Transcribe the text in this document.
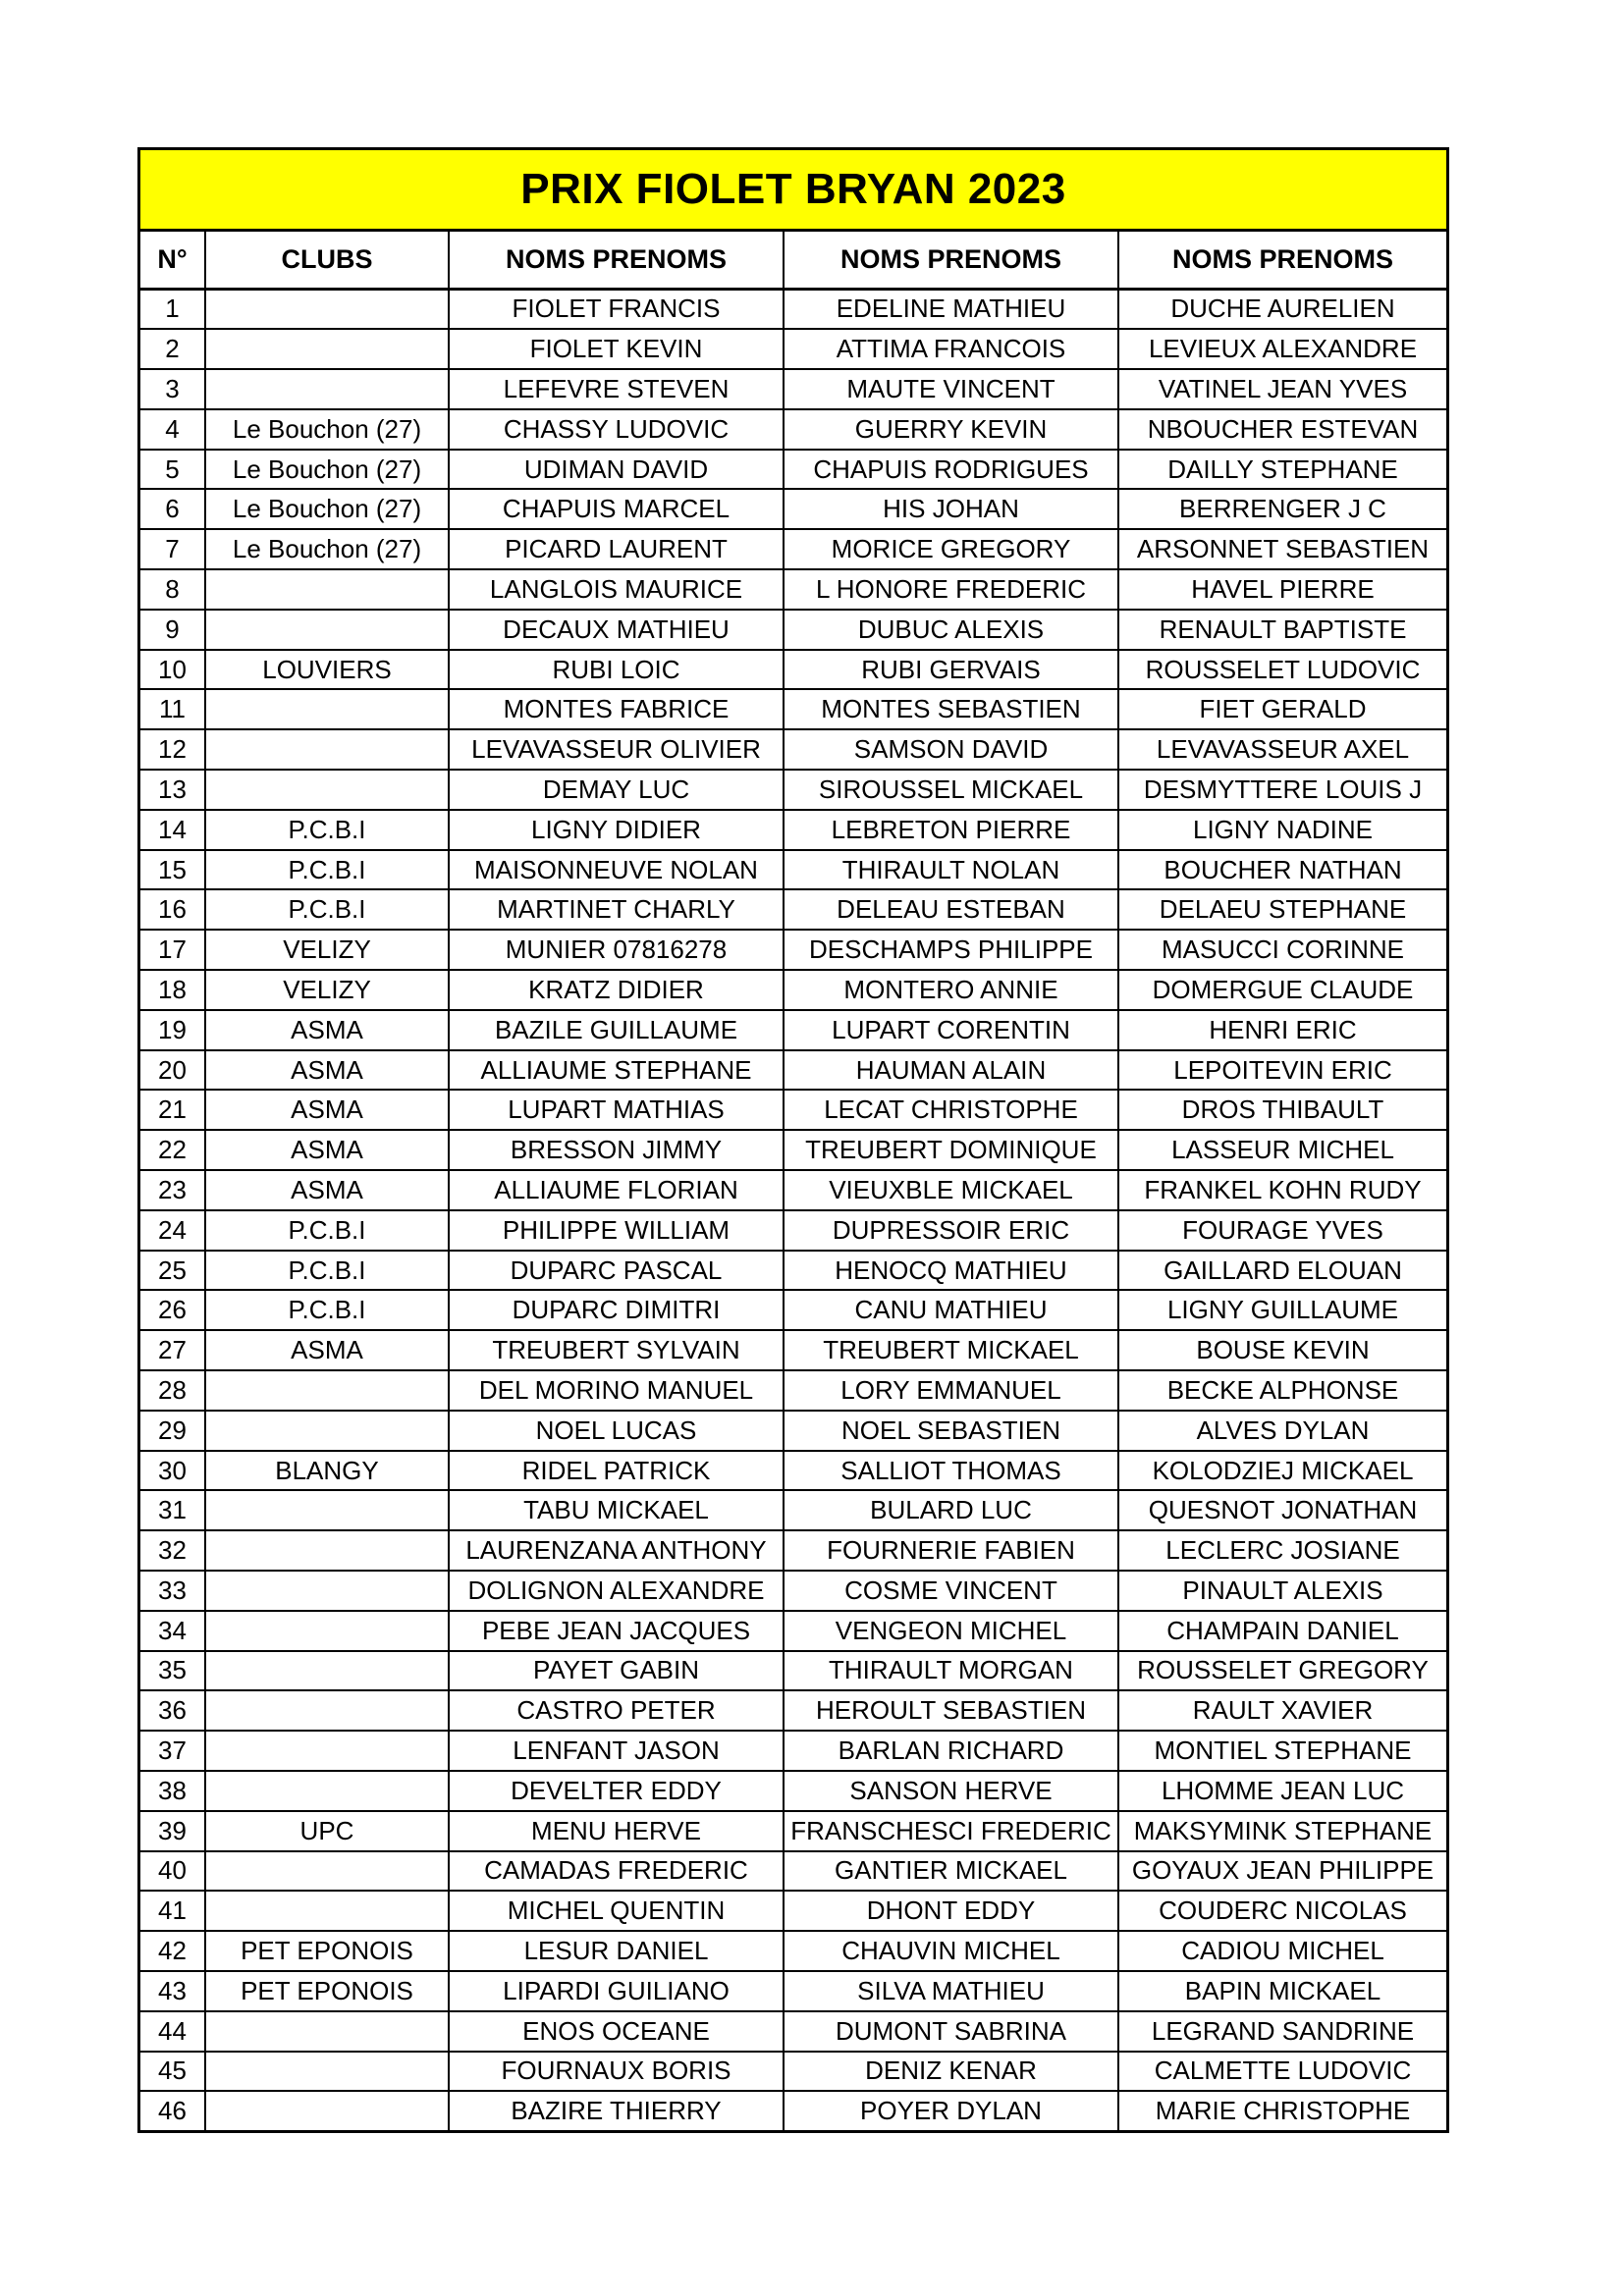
PRIX FIOLET BRYAN 2023
N°	CLUBS	NOMS PRENOMS	NOMS PRENOMS	NOMS PRENOMS
1		FIOLET FRANCIS	EDELINE MATHIEU	DUCHE AURELIEN
2		FIOLET KEVIN	ATTIMA FRANCOIS	LEVIEUX ALEXANDRE
3		LEFEVRE STEVEN	MAUTE VINCENT	VATINEL JEAN YVES
4	Le Bouchon (27)	CHASSY LUDOVIC	GUERRY KEVIN	NBOUCHER ESTEVAN
5	Le Bouchon (27)	UDIMAN DAVID	CHAPUIS RODRIGUES	DAILLY STEPHANE
6	Le Bouchon (27)	CHAPUIS MARCEL	HIS JOHAN	BERRENGER J C
7	Le Bouchon (27)	PICARD LAURENT	MORICE GREGORY	ARSONNET SEBASTIEN
8		LANGLOIS MAURICE	L HONORE FREDERIC	HAVEL PIERRE
9		DECAUX MATHIEU	DUBUC ALEXIS	RENAULT BAPTISTE
10	LOUVIERS	RUBI LOIC	RUBI GERVAIS	ROUSSELET LUDOVIC
11		MONTES FABRICE	MONTES SEBASTIEN	FIET GERALD
12		LEVAVASSEUR OLIVIER	SAMSON DAVID	LEVAVASSEUR AXEL
13		DEMAY LUC	SIROUSSEL MICKAEL	DESMYTTERE LOUIS J
14	P.C.B.I	LIGNY DIDIER	LEBRETON PIERRE	LIGNY NADINE
15	P.C.B.I	MAISONNEUVE NOLAN	THIRAULT NOLAN	BOUCHER NATHAN
16	P.C.B.I	MARTINET CHARLY	DELEAU ESTEBAN	DELAEU STEPHANE
17	VELIZY	MUNIER 07816278	DESCHAMPS PHILIPPE	MASUCCI CORINNE
18	VELIZY	KRATZ DIDIER	MONTERO ANNIE	DOMERGUE CLAUDE
19	ASMA	BAZILE GUILLAUME	LUPART CORENTIN	HENRI ERIC
20	ASMA	ALLIAUME STEPHANE	HAUMAN ALAIN	LEPOITEVIN ERIC
21	ASMA	LUPART MATHIAS	LECAT CHRISTOPHE	DROS THIBAULT
22	ASMA	BRESSON JIMMY	TREUBERT DOMINIQUE	LASSEUR MICHEL
23	ASMA	ALLIAUME FLORIAN	VIEUXBLE MICKAEL	FRANKEL KOHN RUDY
24	P.C.B.I	PHILIPPE WILLIAM	DUPRESSOIR ERIC	FOURAGE YVES
25	P.C.B.I	DUPARC PASCAL	HENOCQ MATHIEU	GAILLARD ELOUAN
26	P.C.B.I	DUPARC DIMITRI	CANU MATHIEU	LIGNY GUILLAUME
27	ASMA	TREUBERT SYLVAIN	TREUBERT MICKAEL	BOUSE KEVIN
28		DEL MORINO MANUEL	LORY EMMANUEL	BECKE ALPHONSE
29		NOEL LUCAS	NOEL SEBASTIEN	ALVES DYLAN
30	BLANGY	RIDEL PATRICK	SALLIOT THOMAS	KOLODZIEJ MICKAEL
31		TABU MICKAEL	BULARD LUC	QUESNOT JONATHAN
32		LAURENZANA ANTHONY	FOURNERIE FABIEN	LECLERC JOSIANE
33		DOLIGNON ALEXANDRE	COSME VINCENT	PINAULT ALEXIS
34		PEBE JEAN JACQUES	VENGEON MICHEL	CHAMPAIN DANIEL
35		PAYET GABIN	THIRAULT MORGAN	ROUSSELET GREGORY
36		CASTRO PETER	HEROULT SEBASTIEN	RAULT XAVIER
37		LENFANT JASON	BARLAN RICHARD	MONTIEL STEPHANE
38		DEVELTER EDDY	SANSON HERVE	LHOMME JEAN LUC
39	UPC	MENU HERVE	FRANSCHESCI FREDERIC	MAKSYMINK STEPHANE
40		CAMADAS FREDERIC	GANTIER MICKAEL	GOYAUX JEAN PHILIPPE
41		MICHEL QUENTIN	DHONT EDDY	COUDERC NICOLAS
42	PET EPONOIS	LESUR DANIEL	CHAUVIN MICHEL	CADIOU MICHEL
43	PET EPONOIS	LIPARDI GUILIANO	SILVA MATHIEU	BAPIN MICKAEL
44		ENOS OCEANE	DUMONT SABRINA	LEGRAND SANDRINE
45		FOURNAUX BORIS	DENIZ KENAR	CALMETTE LUDOVIC
46		BAZIRE THIERRY	POYER DYLAN	MARIE CHRISTOPHE
